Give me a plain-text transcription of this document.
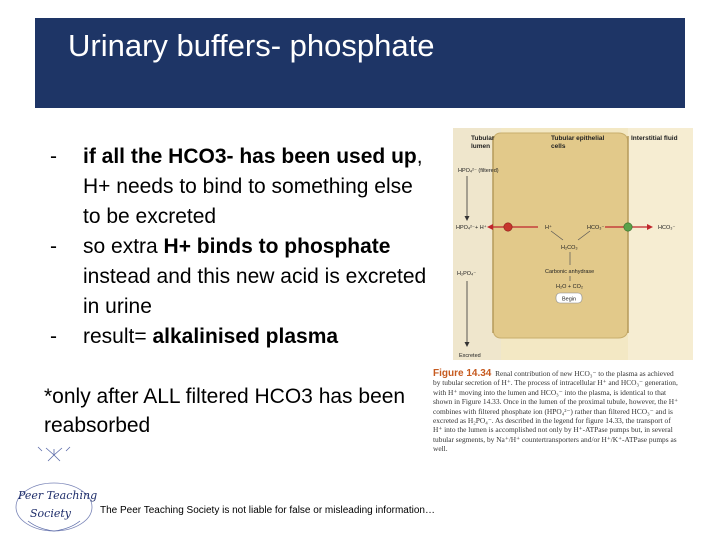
Urinary buffers- phosphate
- if all the HCO3- has been used up, H+ needs to bind to something else to be excreted
- so extra H+ binds to phosphate instead and this new acid is excreted in urine
- result= alkalinised plasma
*only after ALL filtered HCO3 has been reabsorbed
Tubular
lumen
Tubular epithelial
cells
Interstitial fluid
HPO₄²⁻ (filtered)
HPO₄²⁻ + H⁺	H⁺	HCO₃⁻	HCO₃⁻
H₂CO₃
Carbonic anhydrase
H₂O + CO₂
Begin
H₂PO₄⁻
Excreted
Figure 14.34 Renal contribution of new HCO₃⁻ to the plasma as achieved by tubular secretion of H⁺. The process of intracellular H⁺ and HCO₃⁻ generation, with H⁺ moving into the lumen and HCO₃⁻ into the plasma, is identical to that shown in Figure 14.33. Once in the lumen of the proximal tubule, however, the H⁺ combines with filtered phosphate ion (HPO₄²⁻) rather than filtered HCO₃⁻ and is excreted as H₂PO₄⁻. As described in the legend for figure 14.33, the transport of H⁺ into the lumen is accomplished not only by H⁺-ATPase pumps but, in several tubular segments, by Na⁺/H⁺ countertransporters and/or H⁺/K⁺-ATPase pumps as well.
Peer Teaching
Society	The Peer Teaching Society is not liable for false or misleading information…
